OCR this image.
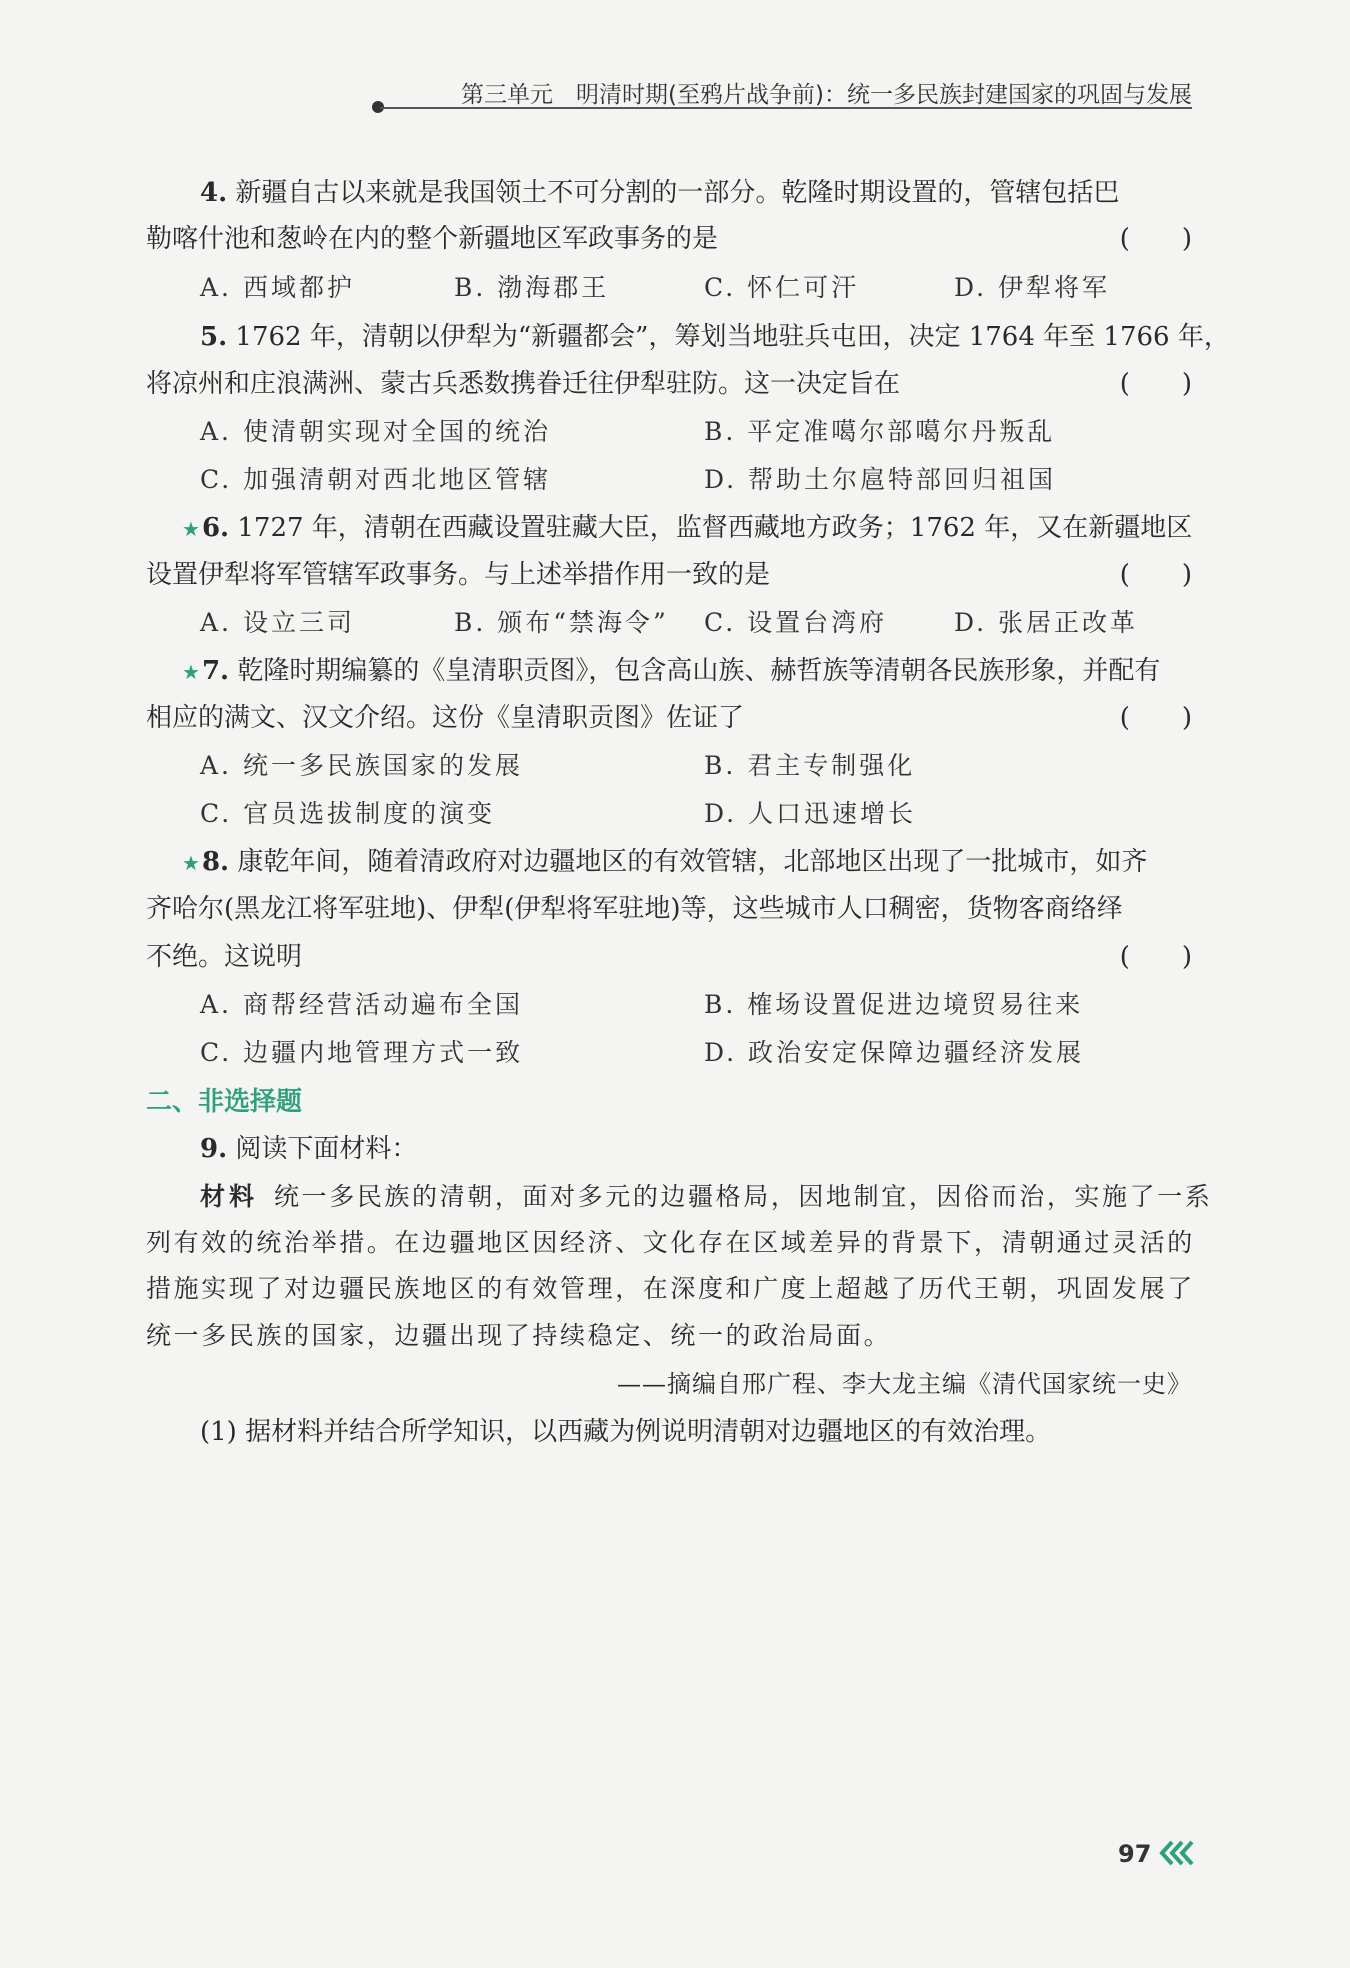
第三单元　明清时期(至鸦片战争前)：统一多民族封建国家的巩固与发展
4. 新疆自古以来就是我国领土不可分割的一部分。乾隆时期设置的，管辖包括巴
勒喀什池和葱岭在内的整个新疆地区军政事务的是	(　　)
A. 西域都护	B. 渤海郡王	C. 怀仁可汗	D. 伊犁将军
5. 1762 年，清朝以伊犁为“新疆都会”，筹划当地驻兵屯田，决定 1764 年至 1766 年，
将凉州和庄浪满洲、蒙古兵悉数携眷迁往伊犁驻防。这一决定旨在	(　　)
A. 使清朝实现对全国的统治	B. 平定准噶尔部噶尔丹叛乱
C. 加强清朝对西北地区管辖	D. 帮助土尔扈特部回归祖国
★6. 1727 年，清朝在西藏设置驻藏大臣，监督西藏地方政务；1762 年，又在新疆地区
设置伊犁将军管辖军政事务。与上述举措作用一致的是	(　　)
A. 设立三司	B. 颁布“禁海令” C. 设置台湾府	D. 张居正改革
★7. 乾隆时期编纂的《皇清职贡图》，包含高山族、赫哲族等清朝各民族形象，并配有
相应的满文、汉文介绍。这份《皇清职贡图》佐证了	(　　)
A. 统一多民族国家的发展	B. 君主专制强化
C. 官员选拔制度的演变	D. 人口迅速增长
★8. 康乾年间，随着清政府对边疆地区的有效管辖，北部地区出现了一批城市，如齐
齐哈尔(黑龙江将军驻地)、伊犁(伊犁将军驻地)等，这些城市人口稠密，货物客商络绎
不绝。这说明	(　　)
A. 商帮经营活动遍布全国	B. 榷场设置促进边境贸易往来
C. 边疆内地管理方式一致	D. 政治安定保障边疆经济发展
二、非选择题
9. 阅读下面材料：
材料 统一多民族的清朝，面对多元的边疆格局，因地制宜，因俗而治，实施了一系
列有效的统治举措。在边疆地区因经济、文化存在区域差异的背景下，清朝通过灵活的
措施实现了对边疆民族地区的有效管理，在深度和广度上超越了历代王朝，巩固发展了
统一多民族的国家，边疆出现了持续稳定、统一的政治局面。
——摘编自邢广程、李大龙主编《清代国家统一史》
(1) 据材料并结合所学知识，以西藏为例说明清朝对边疆地区的有效治理。
97
